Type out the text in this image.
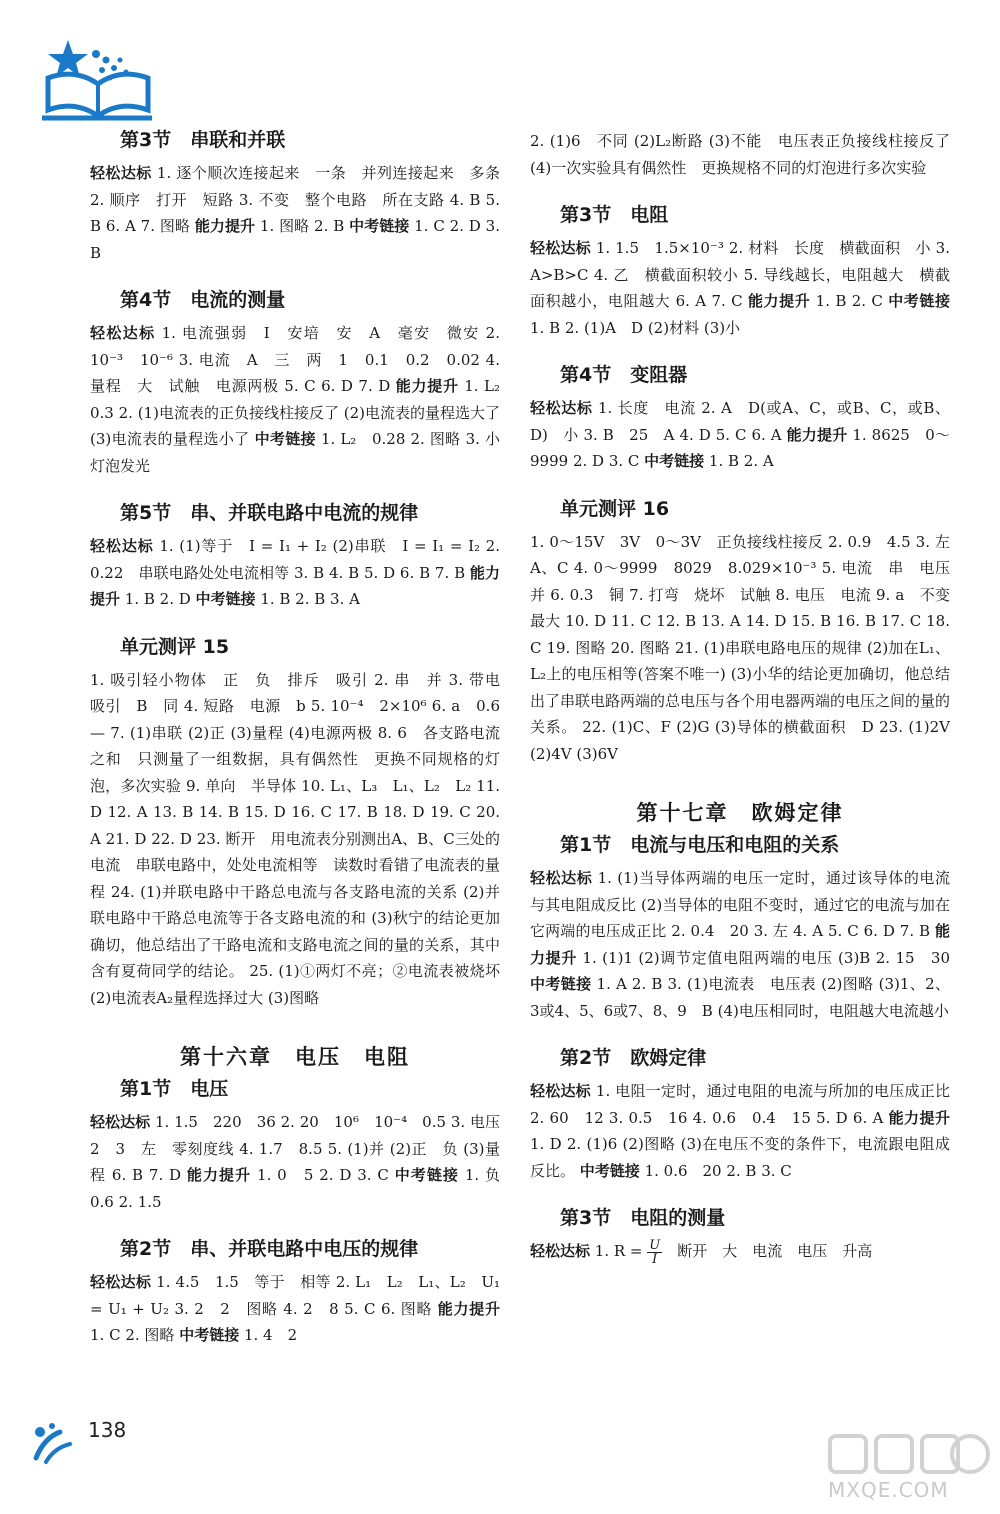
第3节　串联和并联

轻松达标 1. 逐个顺次连接起来　一条　并列连接起来　多条 2. 顺序　打开　短路 3. 不变　整个电路　所在支路 4. B 5. B 6. A 7. 图略 能力提升 1. 图略 2. B 中考链接 1. C 2. D 3. B

第4节　电流的测量

轻松达标 1. 电流强弱　I　安培　安　A　毫安　微安 2. 10⁻³　10⁻⁶ 3. 电流　A　三　两　1　0.1　0.2　0.02 4. 量程　大　试触　电源两极 5. C 6. D 7. D 能力提升 1. L₂　0.3 2. (1)电流表的正负接线柱接反了 (2)电流表的量程选大了 (3)电流表的量程选小了 中考链接 1. L₂　0.28 2. 图略 3. 小灯泡发光

第5节　串、并联电路中电流的规律

轻松达标 1. (1)等于　I = I₁ + I₂ (2)串联　I = I₁ = I₂ 2. 0.22　串联电路处处电流相等 3. B 4. B 5. D 6. B 7. B 能力提升 1. B 2. D 中考链接 1. B 2. B 3. A

单元测评 15

1. 吸引轻小物体　正　负　排斥　吸引 2. 串　并 3. 带电　吸引　B　同 4. 短路　电源　b 5. 10⁻⁴　2×10⁶ 6. a　0.6　— 7. (1)串联 (2)正 (3)量程 (4)电源两极 8. 6　各支路电流之和　只测量了一组数据，具有偶然性　更换不同规格的灯泡，多次实验 9. 单向　半导体 10. L₁、L₃　L₁、L₂　L₂ 11. D 12. A 13. B 14. B 15. D 16. C 17. B 18. D 19. C 20. A 21. D 22. D 23. 断开　用电流表分别测出A、B、C三处的电流　串联电路中，处处电流相等　读数时看错了电流表的量程 24. (1)并联电路中干路总电流与各支路电流的关系 (2)并联电路中干路总电流等于各支路电流的和 (3)秋宁的结论更加确切，他总结出了干路电流和支路电流之间的量的关系，其中含有夏荷同学的结论。 25. (1)①两灯不亮；②电流表被烧坏 (2)电流表A₂量程选择过大 (3)图略

第十六章　电压　电阻
第1节　电压

轻松达标 1. 1.5　220　36 2. 20　10⁶　10⁻⁴　0.5 3. 电压　2　3　左　零刻度线 4. 1.7　8.5 5. (1)并 (2)正　负 (3)量程 6. B 7. D 能力提升 1. 0　5 2. D 3. C 中考链接 1. 负　0.6 2. 1.5

第2节　串、并联电路中电压的规律

轻松达标 1. 4.5　1.5　等于　相等 2. L₁　L₂　L₁、L₂　U₁ = U₁ + U₂ 3. 2　2　图略 4. 2　8 5. C 6. 图略 能力提升 1. C 2. 图略 中考链接 1. 4　2

2. (1)6　不同 (2)L₂断路 (3)不能　电压表正负接线柱接反了 (4)一次实验具有偶然性　更换规格不同的灯泡进行多次实验

第3节　电阻

轻松达标 1. 1.5　1.5×10⁻³ 2. 材料　长度　横截面积　小 3. A>B>C 4. 乙　横截面积较小 5. 导线越长，电阻越大　横截面积越小，电阻越大 6. A 7. C 能力提升 1. B 2. C 中考链接 1. B 2. (1)A　D (2)材料 (3)小

第4节　变阻器

轻松达标 1. 长度　电流 2. A　D(或A、C，或B、C，或B、D)　小 3. B　25　A 4. D 5. C 6. A 能力提升 1. 8625　0～9999 2. D 3. C 中考链接 1. B 2. A

单元测评 16

1. 0～15V　3V　0～3V　正负接线柱接反 2. 0.9　4.5 3. 左　A、C 4. 0～9999　8029　8.029×10⁻³ 5. 电流　串　电压　并 6. 0.3　铜 7. 打弯　烧坏　试触 8. 电压　电流 9. a　不变　最大 10. D 11. C 12. B 13. A 14. D 15. B 16. B 17. C 18. C 19. 图略 20. 图略 21. (1)串联电路电压的规律 (2)加在L₁、L₂上的电压相等(答案不唯一) (3)小华的结论更加确切，他总结出了串联电路两端的总电压与各个用电器两端的电压之间的量的关系。 22. (1)C、F (2)G (3)导体的横截面积　D 23. (1)2V (2)4V (3)6V

第十七章　欧姆定律
第1节　电流与电压和电阻的关系

轻松达标 1. (1)当导体两端的电压一定时，通过该导体的电流与其电阻成反比 (2)当导体的电阻不变时，通过它的电流与加在它两端的电压成正比 2. 0.4　20 3. 左 4. A 5. C 6. D 7. B 能力提升 1. (1)1 (2)调节定值电阻两端的电压 (3)B 2. 15　30 中考链接 1. A 2. B 3. (1)电流表　电压表 (2)图略 (3)1、2、3或4、5、6或7、8、9　B (4)电压相同时，电阻越大电流越小

第2节　欧姆定律

轻松达标 1. 电阻一定时，通过电阻的电流与所加的电压成正比 2. 60　12 3. 0.5　16 4. 0.6　0.4　15 5. D 6. A 能力提升 1. D 2. (1)6 (2)图略 (3)在电压不变的条件下，电流跟电阻成反比。 中考链接 1. 0.6　20 2. B 3. C

第3节　电阻的测量

轻松达标 1. $R = \frac{U}{I}$ 　断开　大　电流　电压　升高

138
MXQE.COM
